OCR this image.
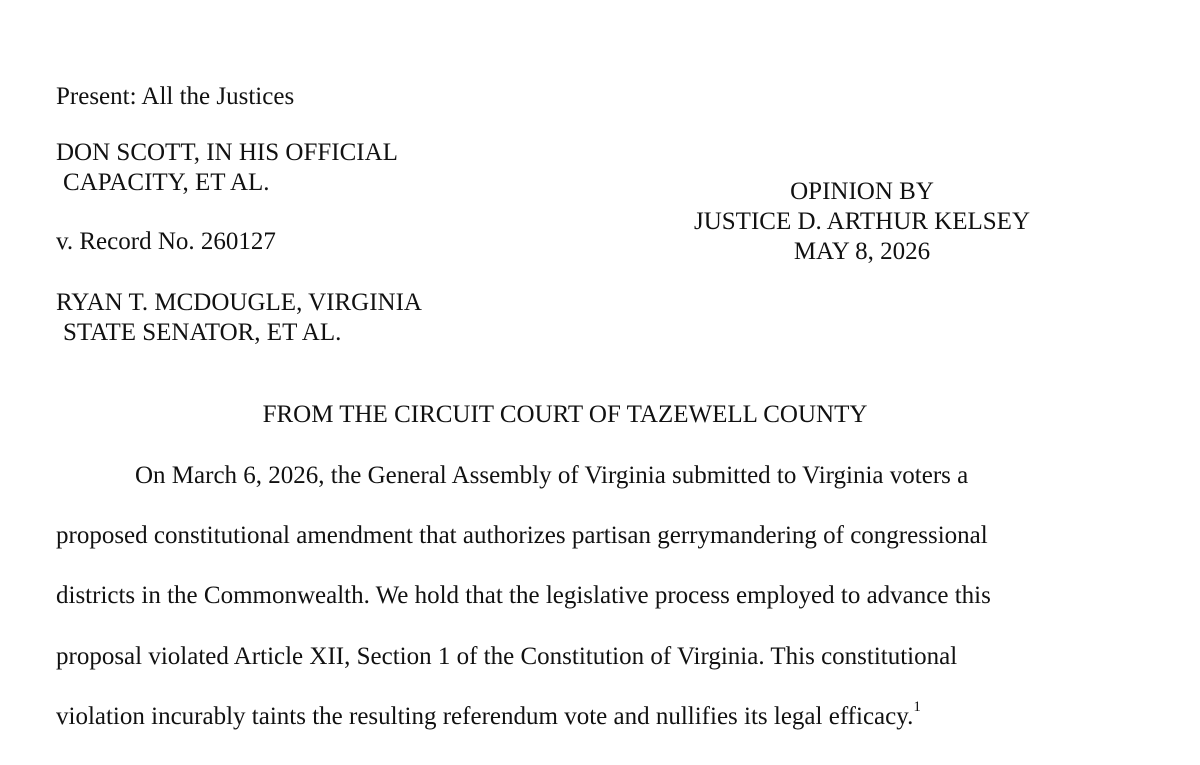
Present: All the Justices
DON SCOTT, IN HIS OFFICIAL
CAPACITY, ET AL.
v. Record No. 260127
RYAN T. MCDOUGLE, VIRGINIA
STATE SENATOR, ET AL.
OPINION BY
JUSTICE D. ARTHUR KELSEY
MAY 8, 2026
FROM THE CIRCUIT COURT OF TAZEWELL COUNTY
On March 6, 2026, the General Assembly of Virginia submitted to Virginia voters a
proposed constitutional amendment that authorizes partisan gerrymandering of congressional
districts in the Commonwealth. We hold that the legislative process employed to advance this
proposal violated Article XII, Section 1 of the Constitution of Virginia. This constitutional
violation incurably taints the resulting referendum vote and nullifies its legal efficacy.$^1$
